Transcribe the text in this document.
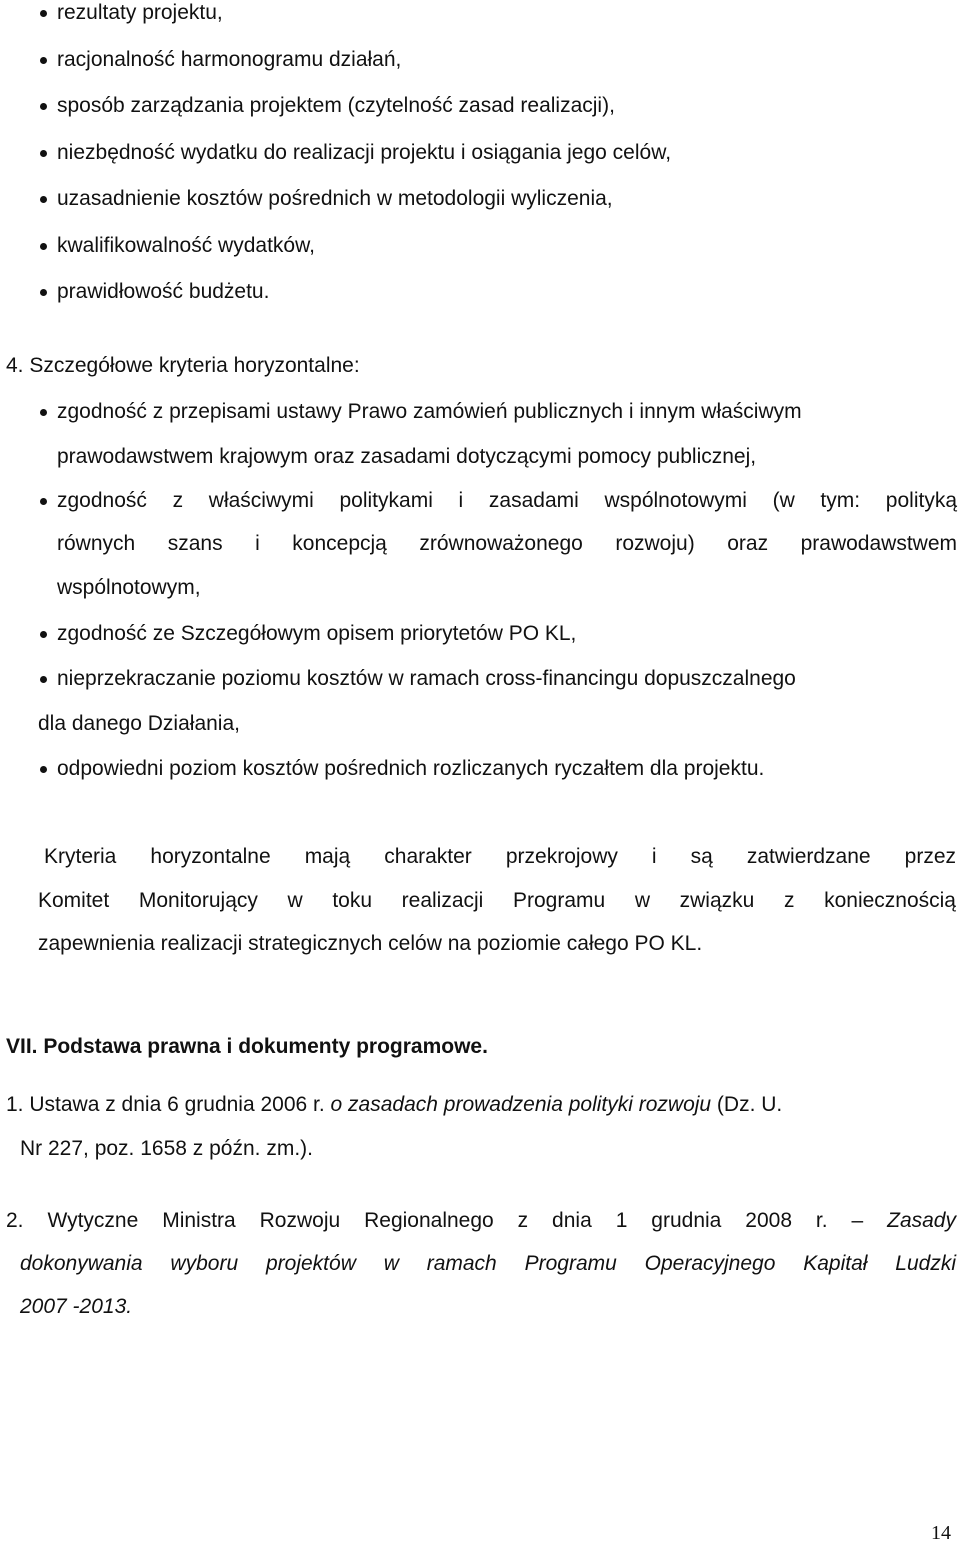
rezultaty projektu,
racjonalność harmonogramu działań,
sposób zarządzania projektem (czytelność zasad realizacji),
niezbędność wydatku do realizacji projektu i osiągania jego celów,
uzasadnienie kosztów pośrednich w metodologii wyliczenia,
kwalifikowalność wydatków,
prawidłowość budżetu.
4. Szczegółowe kryteria horyzontalne:
zgodność z przepisami ustawy Prawo zamówień publicznych i innym właściwym
prawodawstwem krajowym oraz zasadami dotyczącymi pomocy publicznej,
zgodność z właściwymi politykami i zasadami wspólnotowymi (w tym: polityką
równych szans i koncepcją zrównoważonego rozwoju) oraz prawodawstwem
wspólnotowym,
zgodność ze Szczegółowym opisem priorytetów PO KL,
nieprzekraczanie poziomu kosztów w ramach cross-financingu dopuszczalnego
dla danego Działania,
odpowiedni poziom kosztów pośrednich rozliczanych ryczałtem dla projektu.
Kryteria horyzontalne mają charakter przekrojowy i są zatwierdzane przez
Komitet Monitorujący w toku realizacji Programu w związku z koniecznością
zapewnienia realizacji strategicznych celów na poziomie całego PO KL.
VII. Podstawa prawna i dokumenty programowe.
1. Ustawa z dnia 6 grudnia 2006 r. o zasadach prowadzenia polityki rozwoju (Dz. U.
Nr 227, poz. 1658 z późn. zm.).
2. Wytyczne Ministra Rozwoju Regionalnego z dnia 1 grudnia 2008 r. – Zasady
dokonywania wyboru projektów w ramach Programu Operacyjnego Kapitał Ludzki
2007 -2013.
14
